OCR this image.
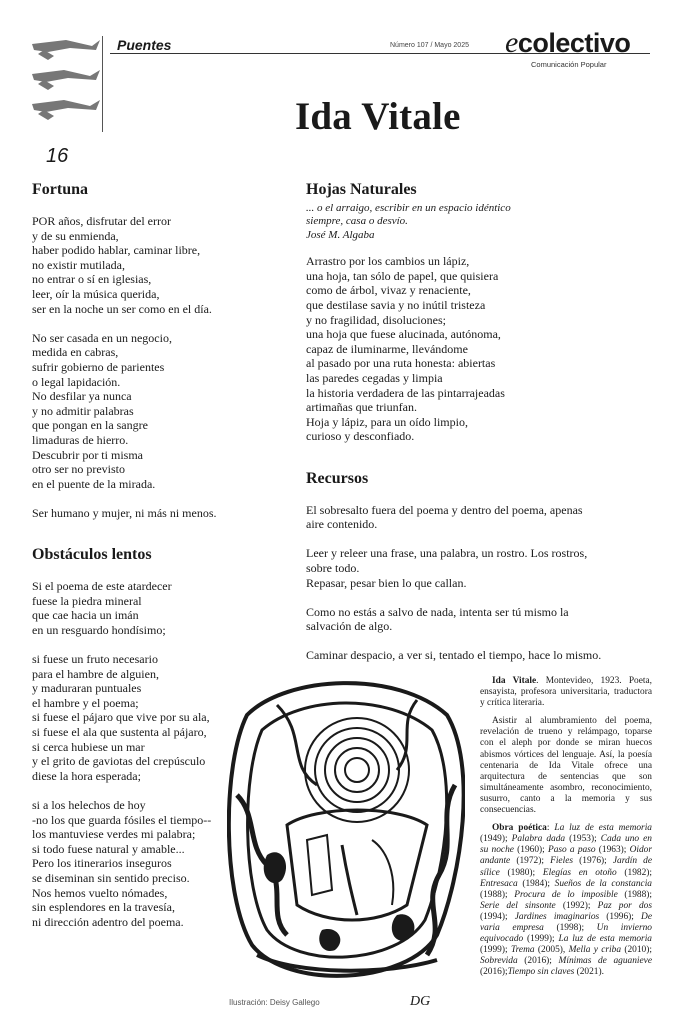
Puentes	Número 107 / Mayo 2025 ecolectivo
Comunicación Popular
Ida Vitale
16
Fortuna
POR años, disfrutar del error
y de su enmienda,
haber podido hablar, caminar libre,
no existir mutilada,
no entrar o sí en iglesias,
leer, oír la música querida,
ser en la noche un ser como en el día.
No ser casada en un negocio,
medida en cabras,
sufrir gobierno de parientes
o legal lapidación.
No desfilar ya nunca
y no admitir palabras
que pongan en la sangre
limaduras de hierro.
Descubrir por ti misma
otro ser no previsto
en el puente de la mirada.
Ser humano y mujer, ni más ni menos.
Obstáculos lentos
Si el poema de este atardecer
fuese la piedra mineral
que cae hacia un imán
en un resguardo hondísimo;
si fuese un fruto necesario
para el hambre de alguien,
y maduraran puntuales
el hambre y el poema;
si fuese el pájaro que vive por su ala,
si fuese el ala que sustenta al pájaro,
si cerca hubiese un mar
y el grito de gaviotas del crepúsculo
diese la hora esperada;
si a los helechos de hoy
-no los que guarda fósiles el tiempo--
los mantuviese verdes mi palabra;
si todo fuese natural y amable...
Pero los itinerarios inseguros
se diseminan sin sentido preciso.
Nos hemos vuelto nómades,
sin esplendores en la travesía,
ni dirección adentro del poema.
Hojas Naturales
... o el arraigo, escribir en un espacio idéntico
siempre, casa o desvío.
José M. Algaba
Arrastro por los cambios un lápiz,
una hoja, tan sólo de papel, que quisiera
como de árbol, vivaz y renaciente,
que destilase savia y no inútil tristeza
y no fragilidad, disoluciones;
una hoja que fuese alucinada, autónoma,
capaz de iluminarme, llevándome
al pasado por una ruta honesta: abiertas
las paredes cegadas y limpia
la historia verdadera de las pintarrajeadas
artimañas que triunfan.
Hoja y lápiz, para un oído limpio,
curioso y desconfiado.
Recursos
El sobresalto fuera del poema y dentro del poema, apenas
aire contenido.
Leer y releer una frase, una palabra, un rostro. Los rostros,
sobre todo.
Repasar, pesar bien lo que callan.
Como no estás a salvo de nada, intenta ser tú mismo la
salvación de algo.
Caminar despacio, a ver si, tentado el tiempo, hace lo mismo.
Ilustración: Deisy Gallego	DG

Ida Vitale. Montevideo, 1923. Poeta, ensayista, profesora universitaria, traductora y crítica literaria.

Asistir al alumbramiento del poema, revelación de trueno y relámpago, toparse con el aleph por donde se miran huecos abismos vórtices del lenguaje. Así, la poesía centenaria de Ida Vitale ofrece una arquitectura de sentencias que son simultáneamente asombro, reconocimiento, susurro, canto a la memoria y sus consecuencias.

Obra poética: La luz de esta memoria (1949); Palabra dada (1953); Cada uno en su noche (1960); Paso a paso (1963); Oidor andante (1972); Fieles (1976); Jardín de sílice (1980); Elegías en otoño (1982); Entresaca (1984); Sueños de la constancia (1988); Procura de lo imposible (1988); Serie del sinsonte (1992); Paz por dos (1994); Jardines imaginarios (1996); De varia empresa (1998); Un invierno equivocado (1999); La luz de esta memoria (1999); Trema (2005), Mella y criba (2010); Sobrevida (2016); Mínimas de aguanieve (2016);Tiempo sin claves (2021).
